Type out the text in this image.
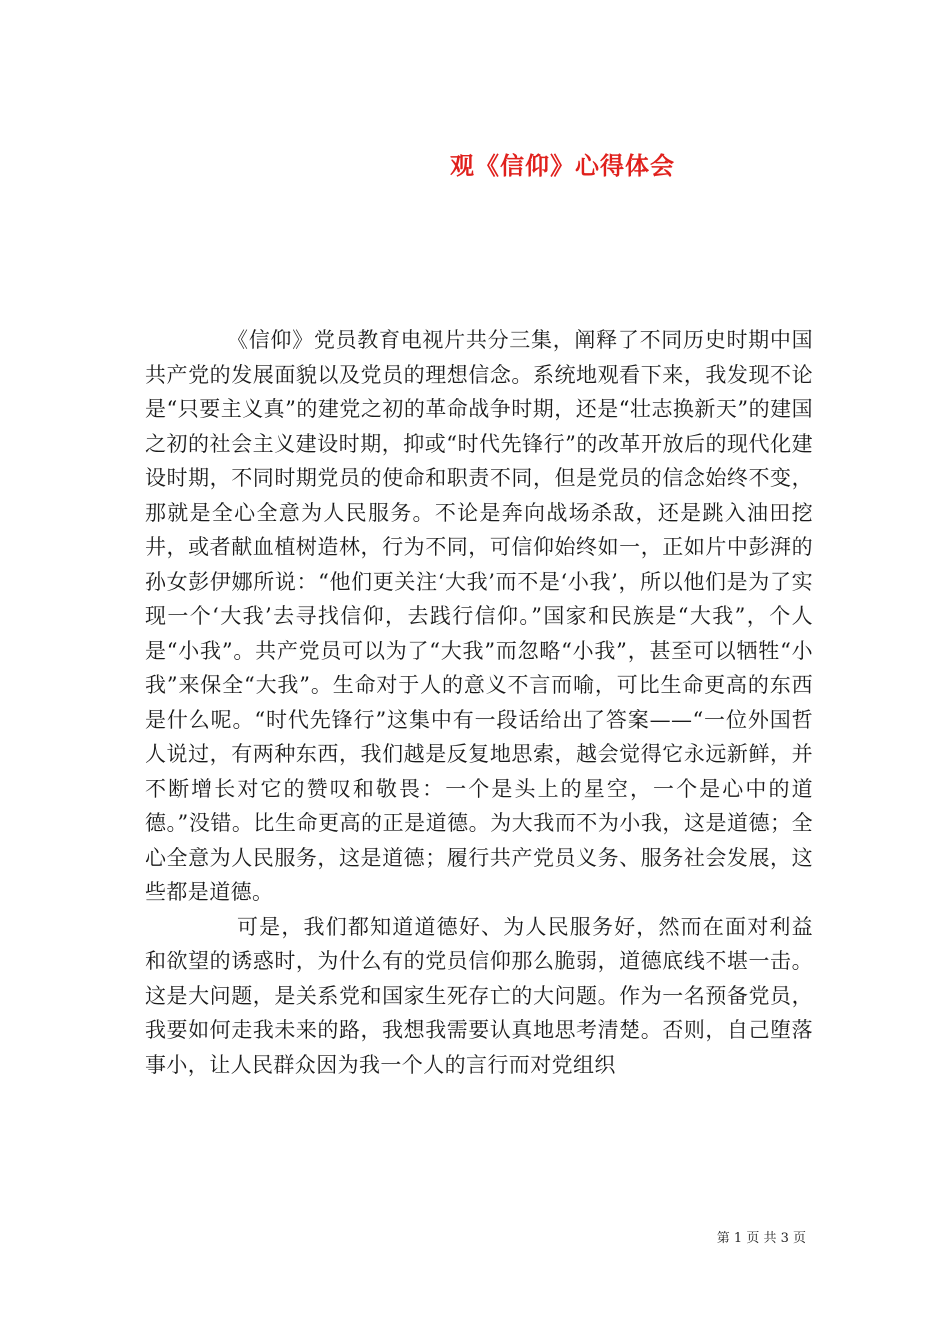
观《信仰》心得体会

《信仰》党员教育电视片共分三集，阐释了不同历史时期中国共产党的发展面貌以及党员的理想信念。系统地观看下来，我发现不论是“只要主义真”的建党之初的革命战争时期，还是“壮志换新天”的建国之初的社会主义建设时期，抑或“时代先锋行”的改革开放后的现代化建设时期，不同时期党员的使命和职责不同，但是党员的信念始终不变，那就是全心全意为人民服务。不论是奔向战场杀敌，还是跳入油田挖井，或者献血植树造林，行为不同，可信仰始终如一，正如片中彭湃的孙女彭伊娜所说：“他们更关注‘大我’而不是‘小我’，所以他们是为了实现一个‘大我’去寻找信仰，去践行信仰。”国家和民族是“大我”，个人是“小我”。共产党员可以为了“大我”而忽略“小我”，甚至可以牺牲“小我”来保全“大我”。生命对于人的意义不言而喻，可比生命更高的东西是什么呢。“时代先锋行”这集中有一段话给出了答案——“一位外国哲人说过，有两种东西，我们越是反复地思索，越会觉得它永远新鲜，并不断增长对它的赞叹和敬畏：一个是头上的星空，一个是心中的道德。”没错。比生命更高的正是道德。为大我而不为小我，这是道德；全心全意为人民服务，这是道德；履行共产党员义务、服务社会发展，这些都是道德。

可是，我们都知道道德好、为人民服务好，然而在面对利益和欲望的诱惑时，为什么有的党员信仰那么脆弱，道德底线不堪一击。这是大问题，是关系党和国家生死存亡的大问题。作为一名预备党员，我要如何走我未来的路，我想我需要认真地思考清楚。否则，自己堕落事小，让人民群众因为我一个人的言行而对党组织

第 1 页 共 3 页
